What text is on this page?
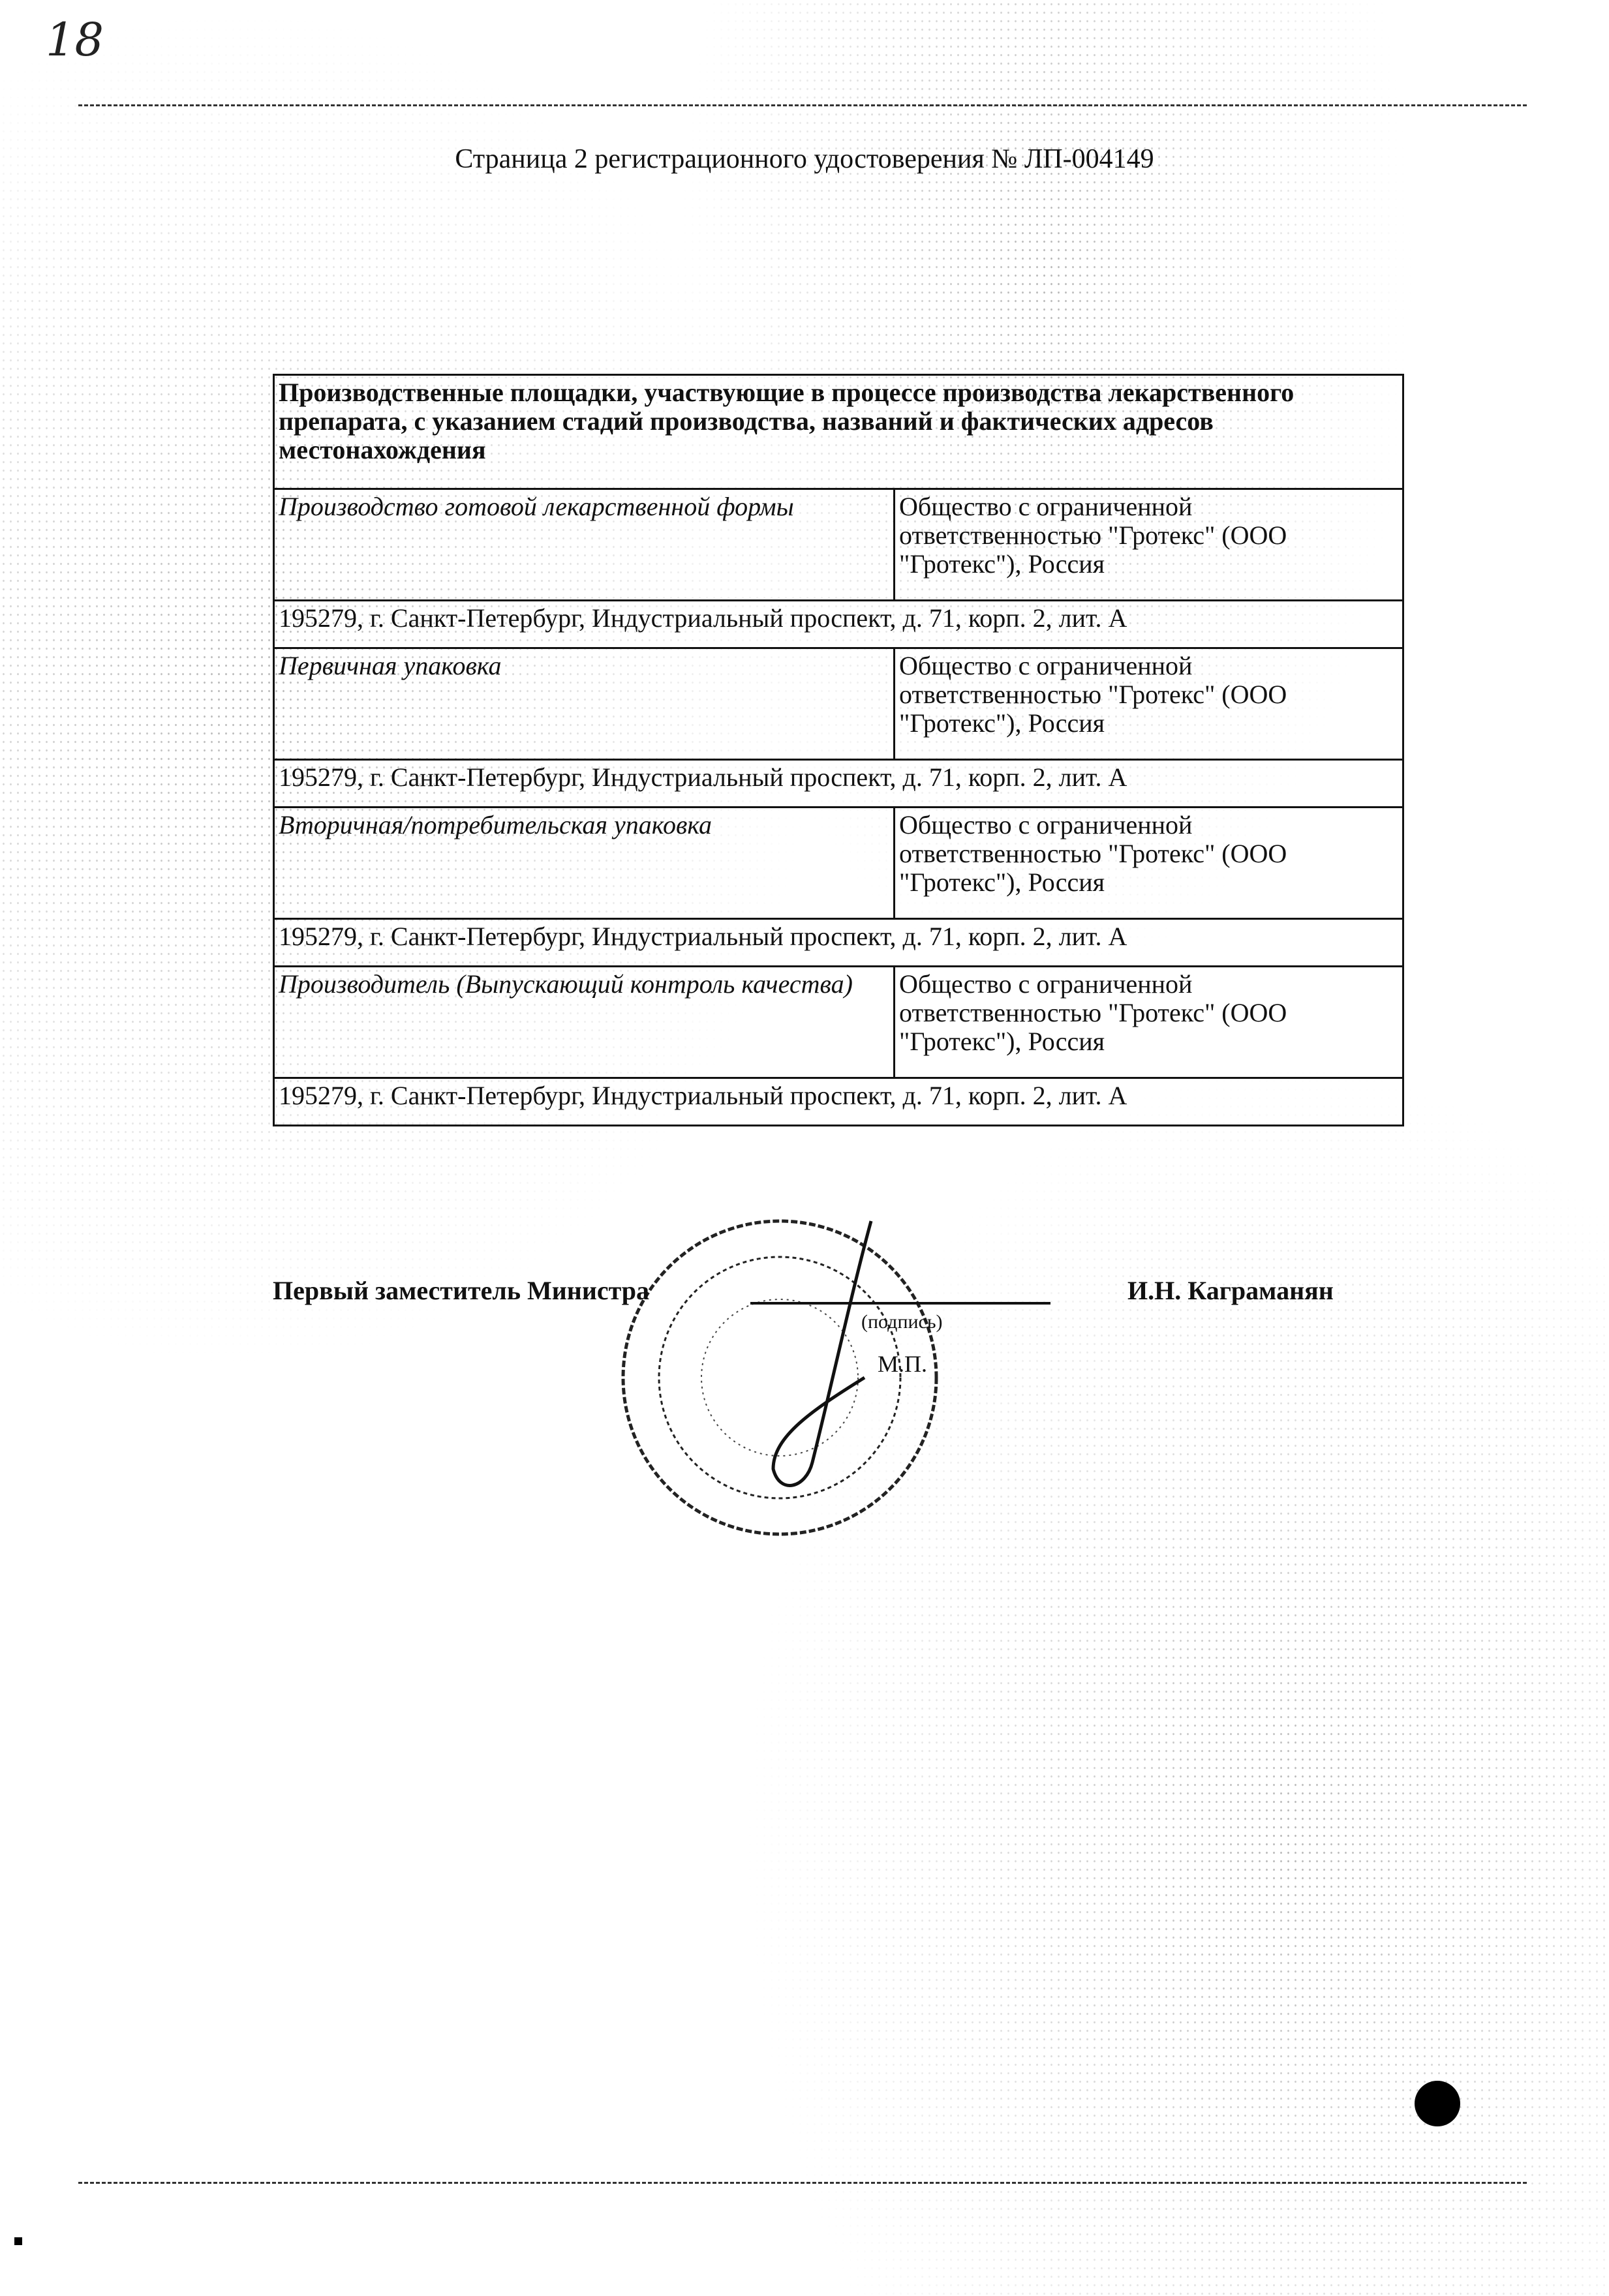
18
Страница 2 регистрационного удостоверения № ЛП-004149
Производственные площадки, участвующие в процессе производства лекарственного препарата, с указанием стадий производства, названий и фактических адресов местонахождения	
Производство готовой лекарственной формы	Общество с ограниченной ответственностью "Гротекс" (ООО "Гротекс"), Россия
195279, г. Санкт-Петербург, Индустриальный проспект, д. 71, корп. 2, лит. А	
Первичная упаковка	Общество с ограниченной ответственностью "Гротекс" (ООО "Гротекс"), Россия
195279, г. Санкт-Петербург, Индустриальный проспект, д. 71, корп. 2, лит. А	
Вторичная/потребительская упаковка	Общество с ограниченной ответственностью "Гротекс" (ООО "Гротекс"), Россия
195279, г. Санкт-Петербург, Индустриальный проспект, д. 71, корп. 2, лит. А	
Производитель (Выпускающий контроль качества)	Общество с ограниченной ответственностью "Гротекс" (ООО "Гротекс"), Россия
195279, г. Санкт-Петербург, Индустриальный проспект, д. 71, корп. 2, лит. А	
Первый заместитель Министра
(подпись)
М.П.
И.Н. Каграманян
